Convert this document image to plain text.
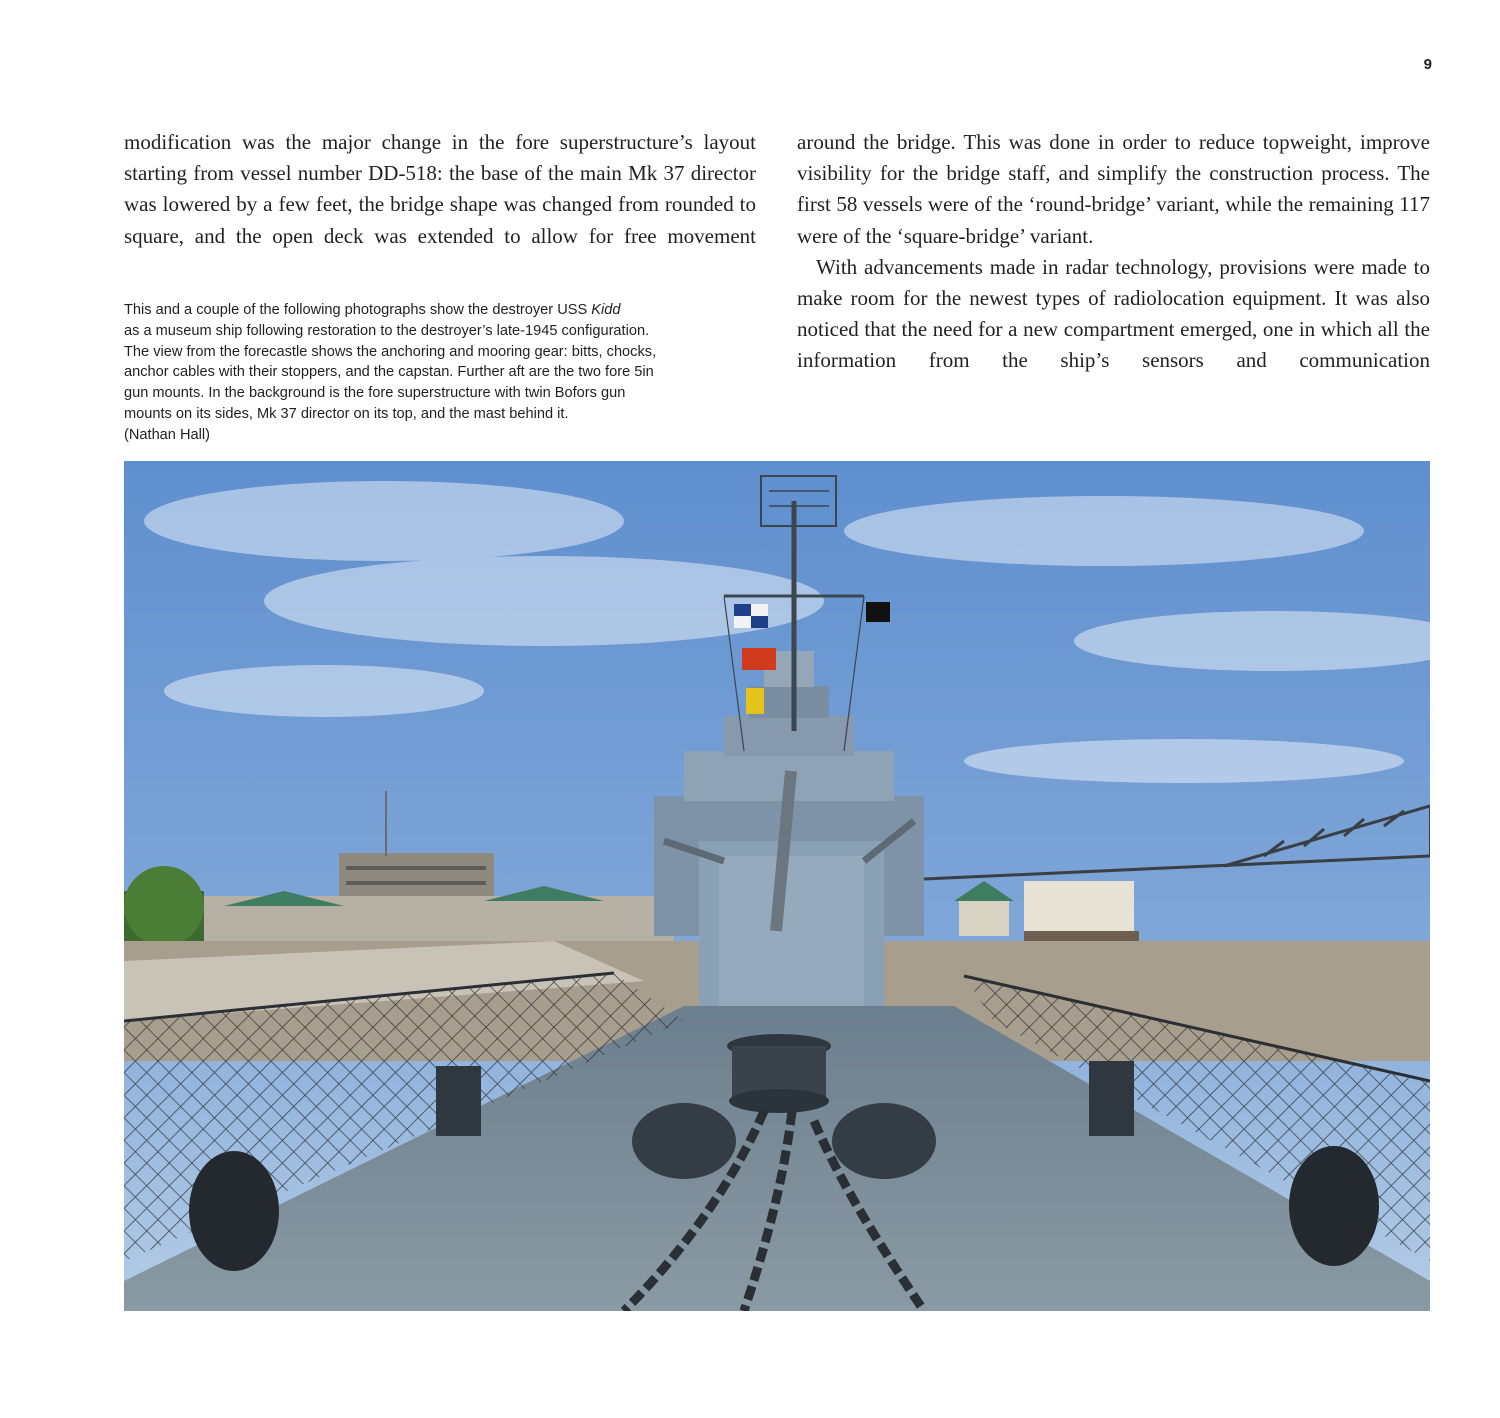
9

modification was the major change in the fore superstructure’s layout starting from vessel number DD-518: the base of the main Mk 37 director was lowered by a few feet, the bridge shape was changed from rounded to square, and the open deck was extended to allow for free movement

around the bridge. This was done in order to reduce topweight, improve visibility for the bridge staff, and simplify the construction process. The first 58 vessels were of the ‘round-bridge’ variant, while the remaining 117 were of the ‘square-bridge’ variant.

With advancements made in radar technology, provisions were made to make room for the newest types of radiolocation equipment. It was also noticed that the need for a new compartment emerged, one in which all the information from the ship’s sensors and communication

This and a couple of the following photographs show the destroyer USS Kidd
as a museum ship following restoration to the destroyer’s late-1945 configuration.
The view from the forecastle shows the anchoring and mooring gear: bitts, chocks,
anchor cables with their stoppers, and the capstan. Further aft are the two fore 5in
gun mounts. In the background is the fore superstructure with twin Bofors gun
mounts on its sides, Mk 37 director on its top, and the mast behind it.
(Nathan Hall)
